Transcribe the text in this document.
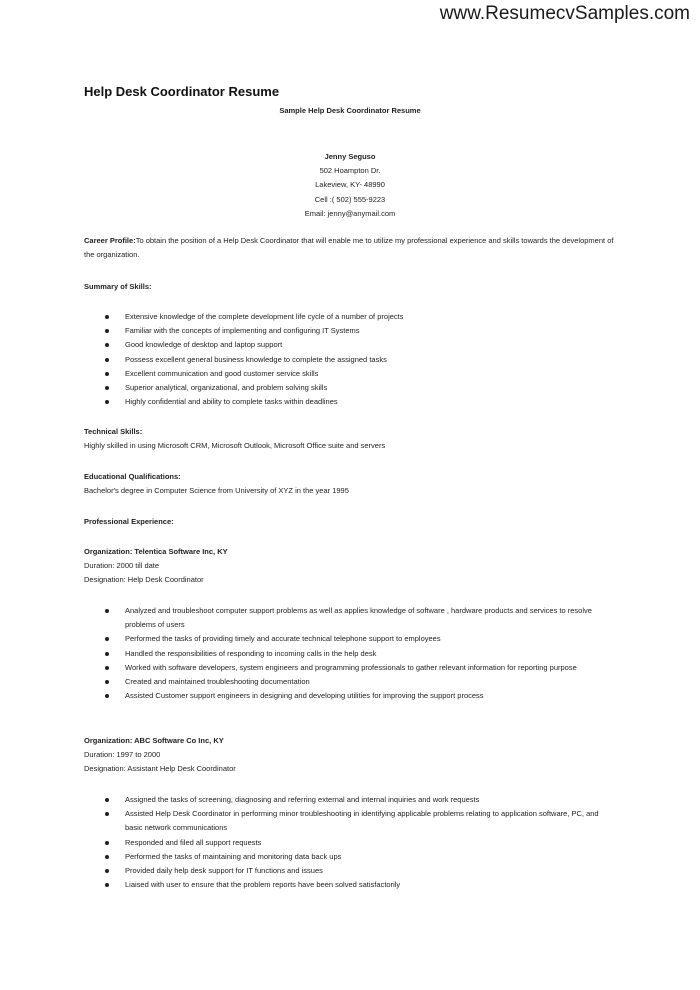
www.ResumecvSamples.com
Help Desk Coordinator Resume
Sample Help Desk Coordinator Resume
Jenny Seguso
502 Hoampton Dr.
Lakeview, KY- 48990
Cell :( 502) 555-9223
Email: jenny@anymail.com
Career Profile:To obtain the position of a Help Desk Coordinator that will enable me to utilize my professional experience and skills towards the development of the organization.
Summary of Skills:
Extensive knowledge of the complete development life cycle of a number of projects
Familiar with the concepts of implementing and configuring IT Systems
Good knowledge of desktop and laptop support
Possess excellent general business knowledge to complete the assigned tasks
Excellent communication and good customer service skills
Superior analytical, organizational, and problem solving skills
Highly confidential and ability to complete tasks within deadlines
Technical Skills:
Highly skilled in using Microsoft CRM, Microsoft Outlook, Microsoft Office suite and servers
Educational Qualifications:
Bachelor's degree in Computer Science from University of XYZ in the year 1995
Professional Experience:
Organization: Telentica Software Inc, KY
Duration: 2000 till date
Designation: Help Desk Coordinator
Analyzed and troubleshoot computer support problems as well as applies knowledge of software , hardware products and services to resolve problems of users
Performed the tasks of providing timely and accurate technical telephone support to employees
Handled the responsibilities of responding to incoming calls in the help desk
Worked with software developers, system engineers and programming professionals to gather relevant information for reporting purpose
Created and maintained troubleshooting documentation
Assisted Customer support engineers in designing and developing utilities for improving the support process
Organization: ABC Software Co Inc, KY
Duration: 1997 to 2000
Designation: Assistant Help Desk Coordinator
Assigned the tasks of screening, diagnosing and referring external and internal inquiries and work requests
Assisted Help Desk Coordinator in performing minor troubleshooting in identifying applicable problems relating to application software, PC, and basic network communications
Responded and filed all support requests
Performed the tasks of maintaining and monitoring data back ups
Provided daily help desk support for IT functions and issues
Liaised with user to ensure that the problem reports have been solved satisfactorily
